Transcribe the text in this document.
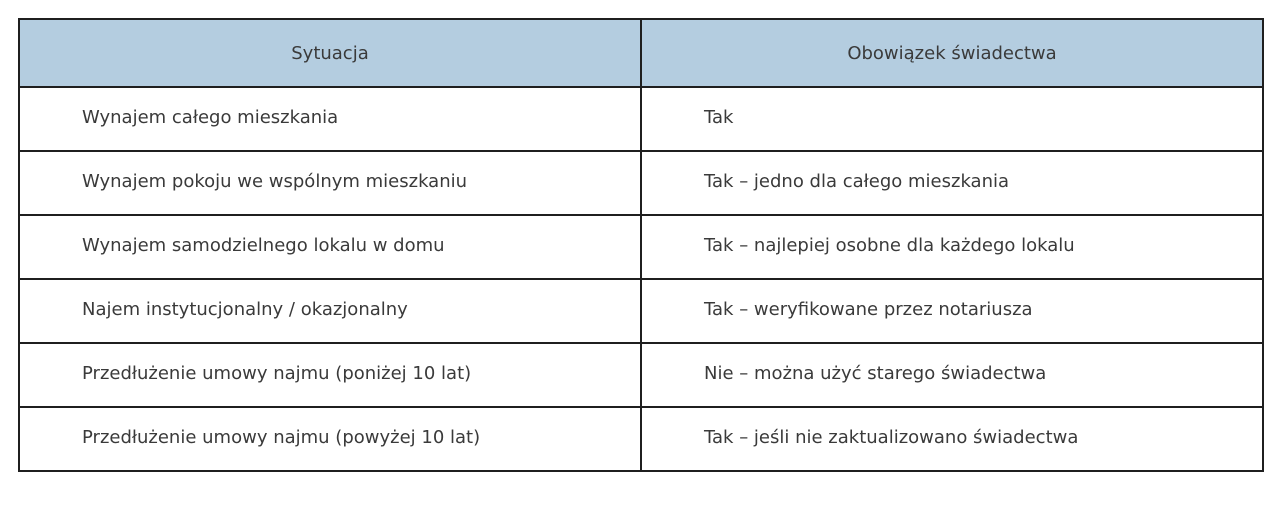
Sytuacja	Obowiązek świadectwa
Wynajem całego mieszkania	Tak
Wynajem pokoju we wspólnym mieszkaniu	Tak – jedno dla całego mieszkania
Wynajem samodzielnego lokalu w domu	Tak – najlepiej osobne dla każdego lokalu
Najem instytucjonalny / okazjonalny	Tak – weryfikowane przez notariusza
Przedłużenie umowy najmu (poniżej 10 lat)	Nie – można użyć starego świadectwa
Przedłużenie umowy najmu (powyżej 10 lat)	Tak – jeśli nie zaktualizowano świadectwa
